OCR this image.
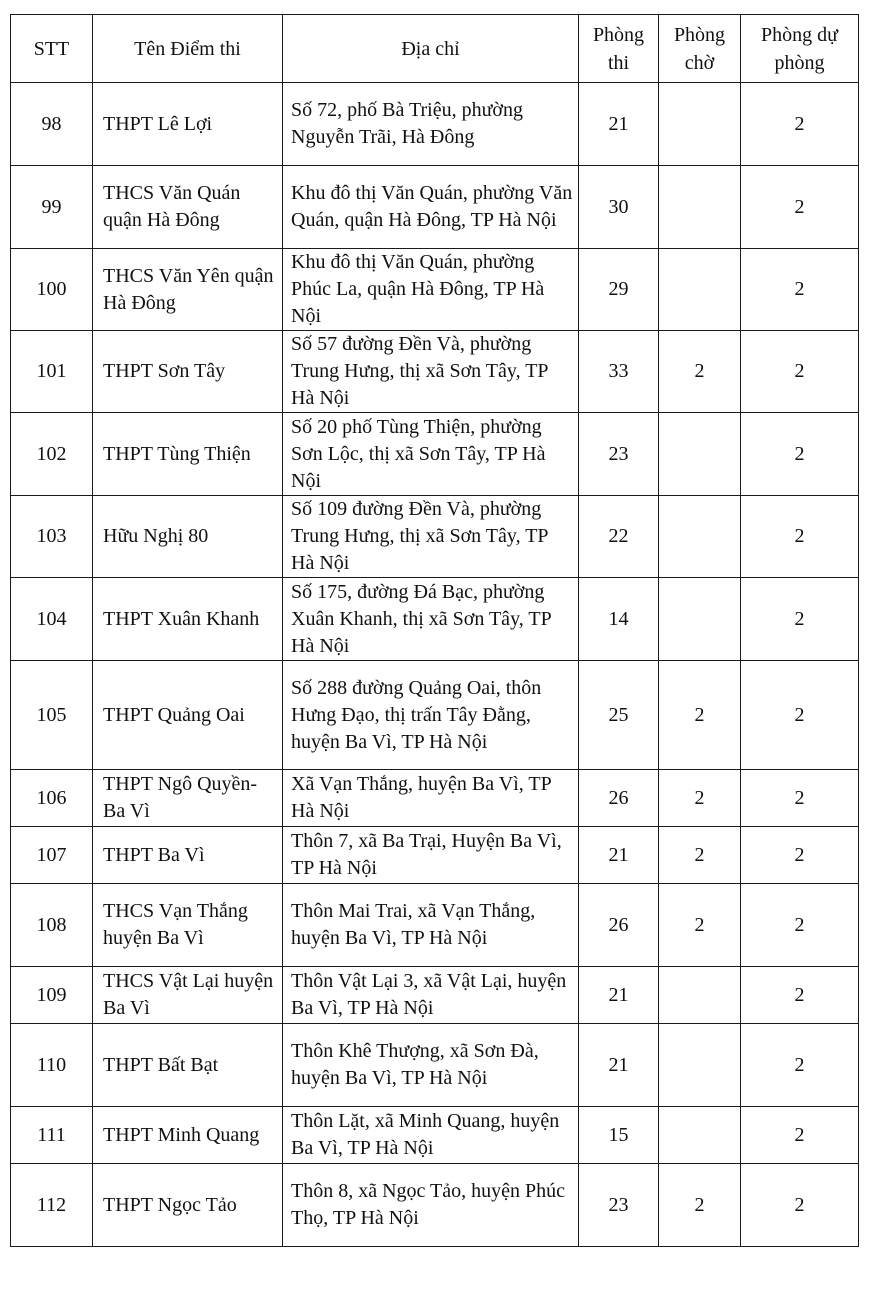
STT	Tên Điểm thi	Địa chỉ	Phòng thi	Phòng chờ	Phòng dự phòng
98	THPT Lê Lợi	Số 72, phố Bà Triệu, phường Nguyễn Trãi, Hà Đông	21		2
99	THCS Văn Quán quận Hà Đông	Khu đô thị Văn Quán, phường Văn Quán, quận Hà Đông, TP Hà Nội	30		2
100	THCS Văn Yên quận Hà Đông	Khu đô thị Văn Quán, phường Phúc La, quận Hà Đông, TP Hà Nội	29		2
101	THPT Sơn Tây	Số 57 đường Đền Và, phường Trung Hưng, thị xã Sơn Tây, TP Hà Nội	33	2	2
102	THPT Tùng Thiện	Số 20 phố Tùng Thiện, phường Sơn Lộc, thị xã Sơn Tây, TP Hà Nội	23		2
103	Hữu Nghị 80	Số 109 đường Đền Và, phường Trung Hưng, thị xã Sơn Tây, TP Hà Nội	22		2
104	THPT Xuân Khanh	Số 175, đường Đá Bạc, phường Xuân Khanh, thị xã Sơn Tây, TP Hà Nội	14		2
105	THPT Quảng Oai	Số 288 đường Quảng Oai, thôn Hưng Đạo, thị trấn Tây Đằng, huyện Ba Vì, TP Hà Nội	25	2	2
106	THPT Ngô Quyền-Ba Vì	Xã Vạn Thắng, huyện Ba Vì, TP Hà Nội	26	2	2
107	THPT Ba Vì	Thôn 7, xã Ba Trại, Huyện Ba Vì, TP Hà Nội	21	2	2
108	THCS Vạn Thắng huyện Ba Vì	Thôn Mai Trai, xã Vạn Thắng, huyện Ba Vì, TP Hà Nội	26	2	2
109	THCS Vật Lại huyện Ba Vì	Thôn Vật Lại 3, xã Vật Lại, huyện Ba Vì, TP Hà Nội	21		2
110	THPT Bất Bạt	Thôn Khê Thượng, xã Sơn Đà, huyện Ba Vì, TP Hà Nội	21		2
111	THPT Minh Quang	Thôn Lặt, xã Minh Quang, huyện Ba Vì, TP Hà Nội	15		2
112	THPT Ngọc Tảo	Thôn 8, xã Ngọc Tảo, huyện Phúc Thọ, TP Hà Nội	23	2	2
